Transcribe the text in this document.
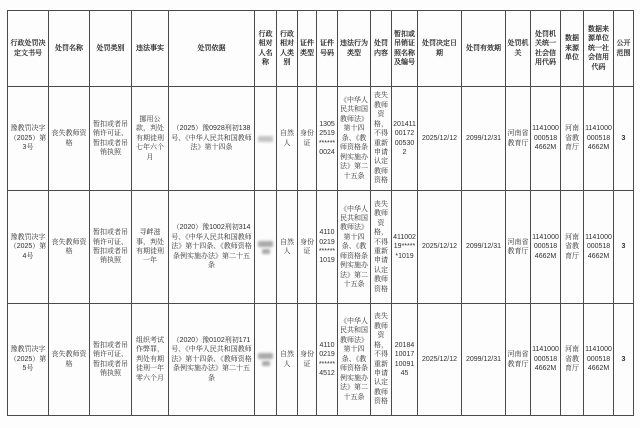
行政处罚决定文书号	处罚名称	处罚类别	违法事实	处罚依据	行政相对人名称	行政相对人类别	证件类型	证件号码	违法行为类型	处罚内容	暂扣或吊销证照名称及编号	处罚决定日期	处罚有效期	处罚机关	处罚机关统一社会信用代码	数据来源单位	数据来源单位统一社会信用代码	公开范围
豫教罚决字（2025）第3号	丧失教师资格	暂扣或者吊销许可证、暂扣或者吊销执照	挪用公款，判处有期徒刑七年六个月	（2025）豫0928刑初138号、《中华人民共和国教师法》第十四条		自然人	身份证	13052519******0024	《中华人民共和国教师法》第十四条、《教师资格条例实施办法》第二十五条	丧失教师资格，不得重新申请认定教师资格	20141100172005302	2025/12/12	2099/12/31	河南省教育厅	11410000005184662M	河南省教育厅	11410000005184662M	3
豫教罚决字（2025）第4号	丧失教师资格	暂扣或者吊销许可证、暂扣或者吊销执照	寻衅滋事，判处有期徒刑一年	（2020）豫1002刑初314号、《中华人民共和国教师法》第十四条、《教师资格条例实施办法》第二十五条		自然人	身份证	41100219******1019	《中华人民共和国教师法》第十四条、《教师资格条例实施办法》第二十五条	丧失教师资格，不得重新申请认定教师资格	41100219******1019	2025/12/12	2099/12/31	河南省教育厅	11410000005184662M	河南省教育厅	11410000005184662M	3
豫教罚决字（2025）第5号	丧失教师资格	暂扣或者吊销许可证、暂扣或者吊销执照	组织考试作弊罪，判处有期徒刑一年零六个月	（2020）豫0102刑初171号、《中华人民共和国教师法》第十四条、《教师资格条例实施办法》第二十五条		自然人	身份证	41100219******4512	《中华人民共和国教师法》第十四条、《教师资格条例实施办法》第二十五条	丧失教师资格，不得重新申请认定教师资格	20184100171009145	2025/12/12	2099/12/31	河南省教育厅	11410000005184662M	河南省教育厅	11410000005184662M	3
